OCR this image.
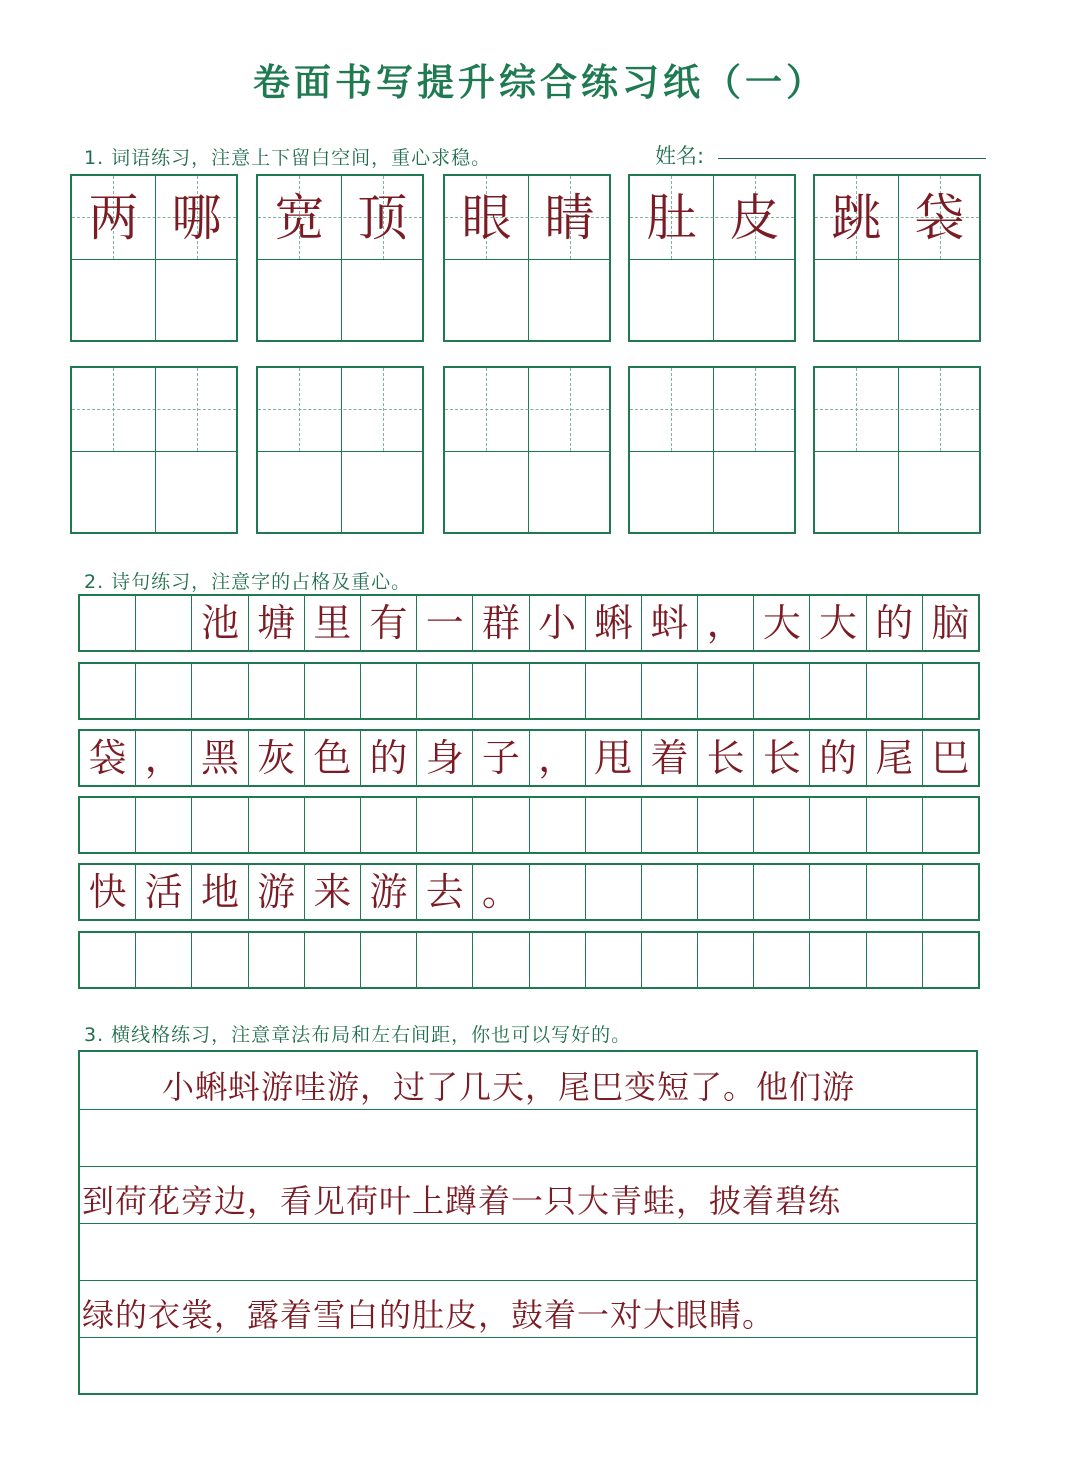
卷面书写提升综合练习纸（一）
1. 词语练习，注意上下留白空间，重心求稳。	姓名:
两 哪	宽 顶	眼 睛	肚 皮	跳 袋
2. 诗句练习，注意字的占格及重心。
池 塘 里 有 一 群 小 蝌 蚪 ， 大 大 的 脑
袋 ， 黑 灰 色 的 身 子 ， 甩 着 长 长 的 尾 巴
快 活 地 游 来 游 去 。
3. 横线格练习，注意章法布局和左右间距，你也可以写好的。
小蝌蚪游哇游，过了几天，尾巴变短了。他们游
到荷花旁边，看见荷叶上蹲着一只大青蛙，披着碧练
绿的衣裳，露着雪白的肚皮，鼓着一对大眼睛。
